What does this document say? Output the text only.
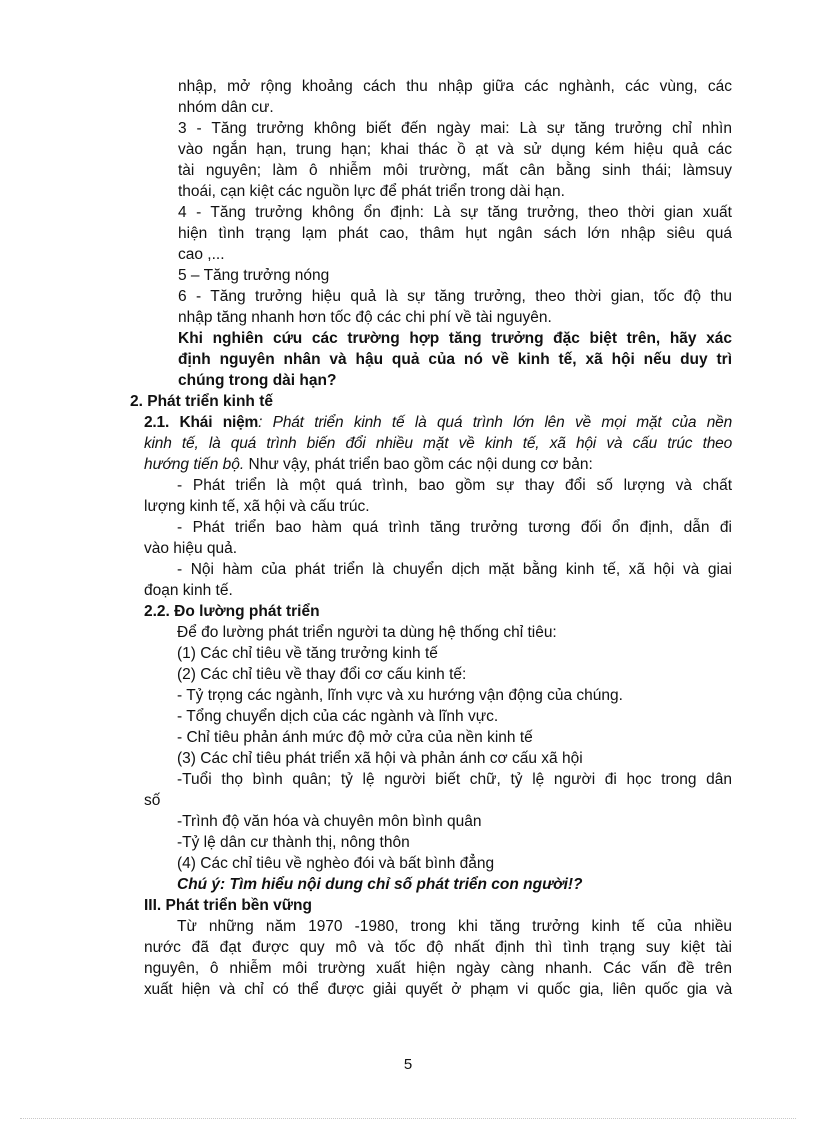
nhập, mở rộng khoảng cách thu nhập giữa các nghành, các vùng, các
nhóm dân cư.
3 - Tăng trưởng không biết đến ngày mai: Là sự tăng trưởng chỉ nhìn
vào ngắn hạn, trung hạn; khai thác ồ ạt và sử dụng kém hiệu quả các
tài nguyên; làm ô nhiễm môi trường, mất cân bằng sinh thái; làmsuy
thoái, cạn kiệt các nguồn lực để phát triển trong dài hạn.
4 - Tăng trưởng không ổn định: Là sự tăng trưởng, theo thời gian xuất
hiện tình trạng lạm phát cao, thâm hụt ngân sách lớn nhập siêu quá
cao ,...
5 – Tăng trưởng nóng
6 - Tăng trưởng hiệu quả là sự tăng trưởng, theo thời gian, tốc độ thu
nhập tăng nhanh hơn tốc độ các chi phí về tài nguyên.
Khi nghiên cứu các trường hợp tăng trưởng đặc biệt trên, hãy xác
định nguyên nhân và hậu quả của nó về kinh tế, xã hội nếu duy trì
chúng trong dài hạn?
2. Phát triển kinh tế
2.1. Khái niệm: Phát triển kinh tế là quá trình lớn lên về mọi mặt của nền
kinh tế, là quá trình biến đổi nhiều mặt về kinh tế, xã hội và cấu trúc theo
hướng tiến bộ. Như vậy, phát triển bao gồm các nội dung cơ bản:
- Phát triển là một quá trình, bao gồm sự thay đổi số lượng và chất
lượng kinh tế, xã hội và cấu trúc.
- Phát triển bao hàm quá trình tăng trưởng tương đối ổn định, dẫn đi
vào hiệu quả.
- Nội hàm của phát triển là chuyển dịch mặt bằng kinh tế, xã hội và giai
đoạn kinh tế.
2.2. Đo lường phát triển
Để đo lường phát triển người ta dùng hệ thống chỉ tiêu:
(1) Các chỉ tiêu về tăng trưởng kinh tế
(2) Các chỉ tiêu về thay đổi cơ cấu kinh tế:
- Tỷ trọng các ngành, lĩnh vực và xu hướng vận động của chúng.
- Tổng chuyển dịch của các ngành và lĩnh vực.
- Chỉ tiêu phản ánh mức độ mở cửa của nền kinh tế
(3) Các chỉ tiêu phát triển xã hội và phản ánh cơ cấu xã hội
-Tuổi thọ bình quân; tỷ lệ người biết chữ, tỷ lệ người đi học trong dân
số
-Trình độ văn hóa và chuyên môn bình quân
-Tỷ lệ dân cư thành thị, nông thôn
(4) Các chỉ tiêu về nghèo đói và bất bình đẳng
Chú ý: Tìm hiểu nội dung chỉ số phát triển con người!?
III. Phát triển bền vững
Từ những năm 1970 -1980, trong khi tăng trưởng kinh tế của nhiều
nước đã đạt được quy mô và tốc độ nhất định thì tình trạng suy kiệt tài
nguyên, ô nhiễm môi trường xuất hiện ngày càng nhanh. Các vấn đề trên
xuất hiện và chỉ có thể được giải quyết ở phạm vi quốc gia, liên quốc gia và
5
